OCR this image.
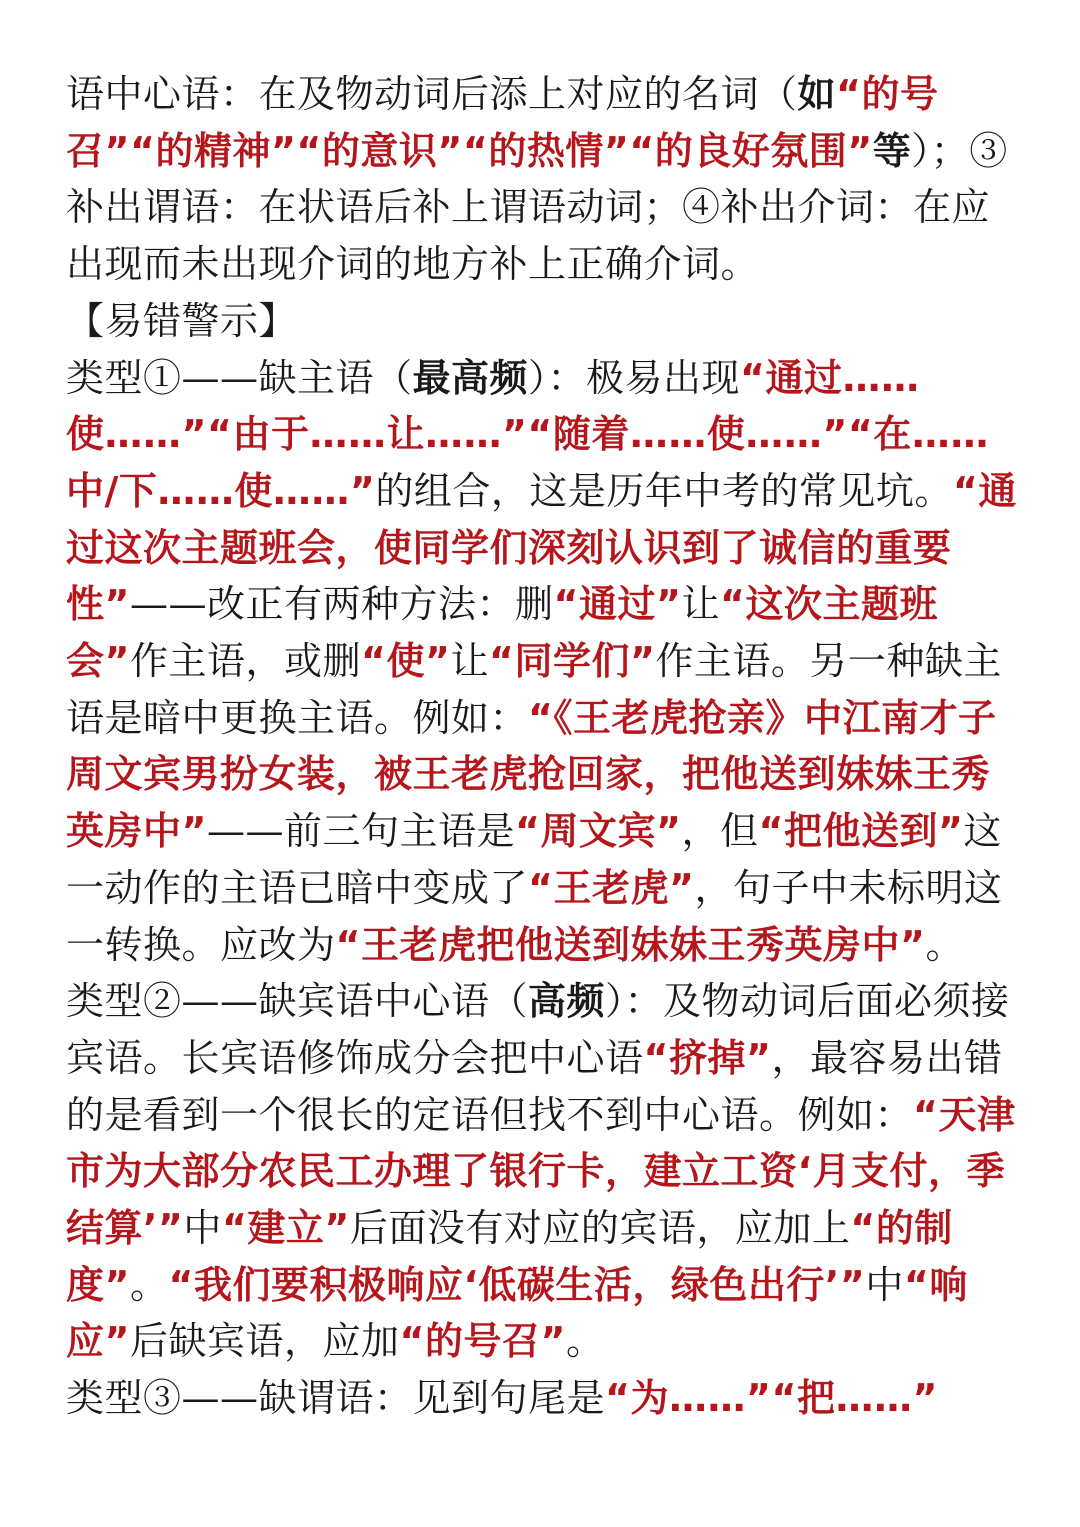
语中心语：在及物动词后添上对应的名词（如“的号召”“的精神”“的意识”“的热情”“的良好氛围”等）；③补出谓语：在状语后补上谓语动词；④补出介词：在应出现而未出现介词的地方补上正确介词。

【易错警示】

类型①——缺主语（最高频）：极易出现“通过……使……”“由于……让……”“随着……使……”“在……中/下……使……”的组合，这是历年中考的常见坑。“通过这次主题班会，使同学们深刻认识到了诚信的重要性”——改正有两种方法：删“通过”让“这次主题班会”作主语，或删“使”让“同学们”作主语。另一种缺主语是暗中更换主语。例如：“《王老虎抢亲》中江南才子周文宾男扮女装，被王老虎抢回家，把他送到妹妹王秀英房中”——前三句主语是“周文宾”，但“把他送到”这一动作的主语已暗中变成了“王老虎”，句子中未标明这一转换。应改为“王老虎把他送到妹妹王秀英房中”。

类型②——缺宾语中心语（高频）：及物动词后面必须接宾语。长宾语修饰成分会把中心语“挤掉”，最容易出错的是看到一个很长的定语但找不到中心语。例如：“天津市为大部分农民工办理了银行卡，建立工资‘月支付，季结算’”中“建立”后面没有对应的宾语，应加上“的制度”。“我们要积极响应‘低碳生活，绿色出行’”中“响应”后缺宾语，应加“的号召”。

类型③——缺谓语：见到句尾是“为……”“把……”
